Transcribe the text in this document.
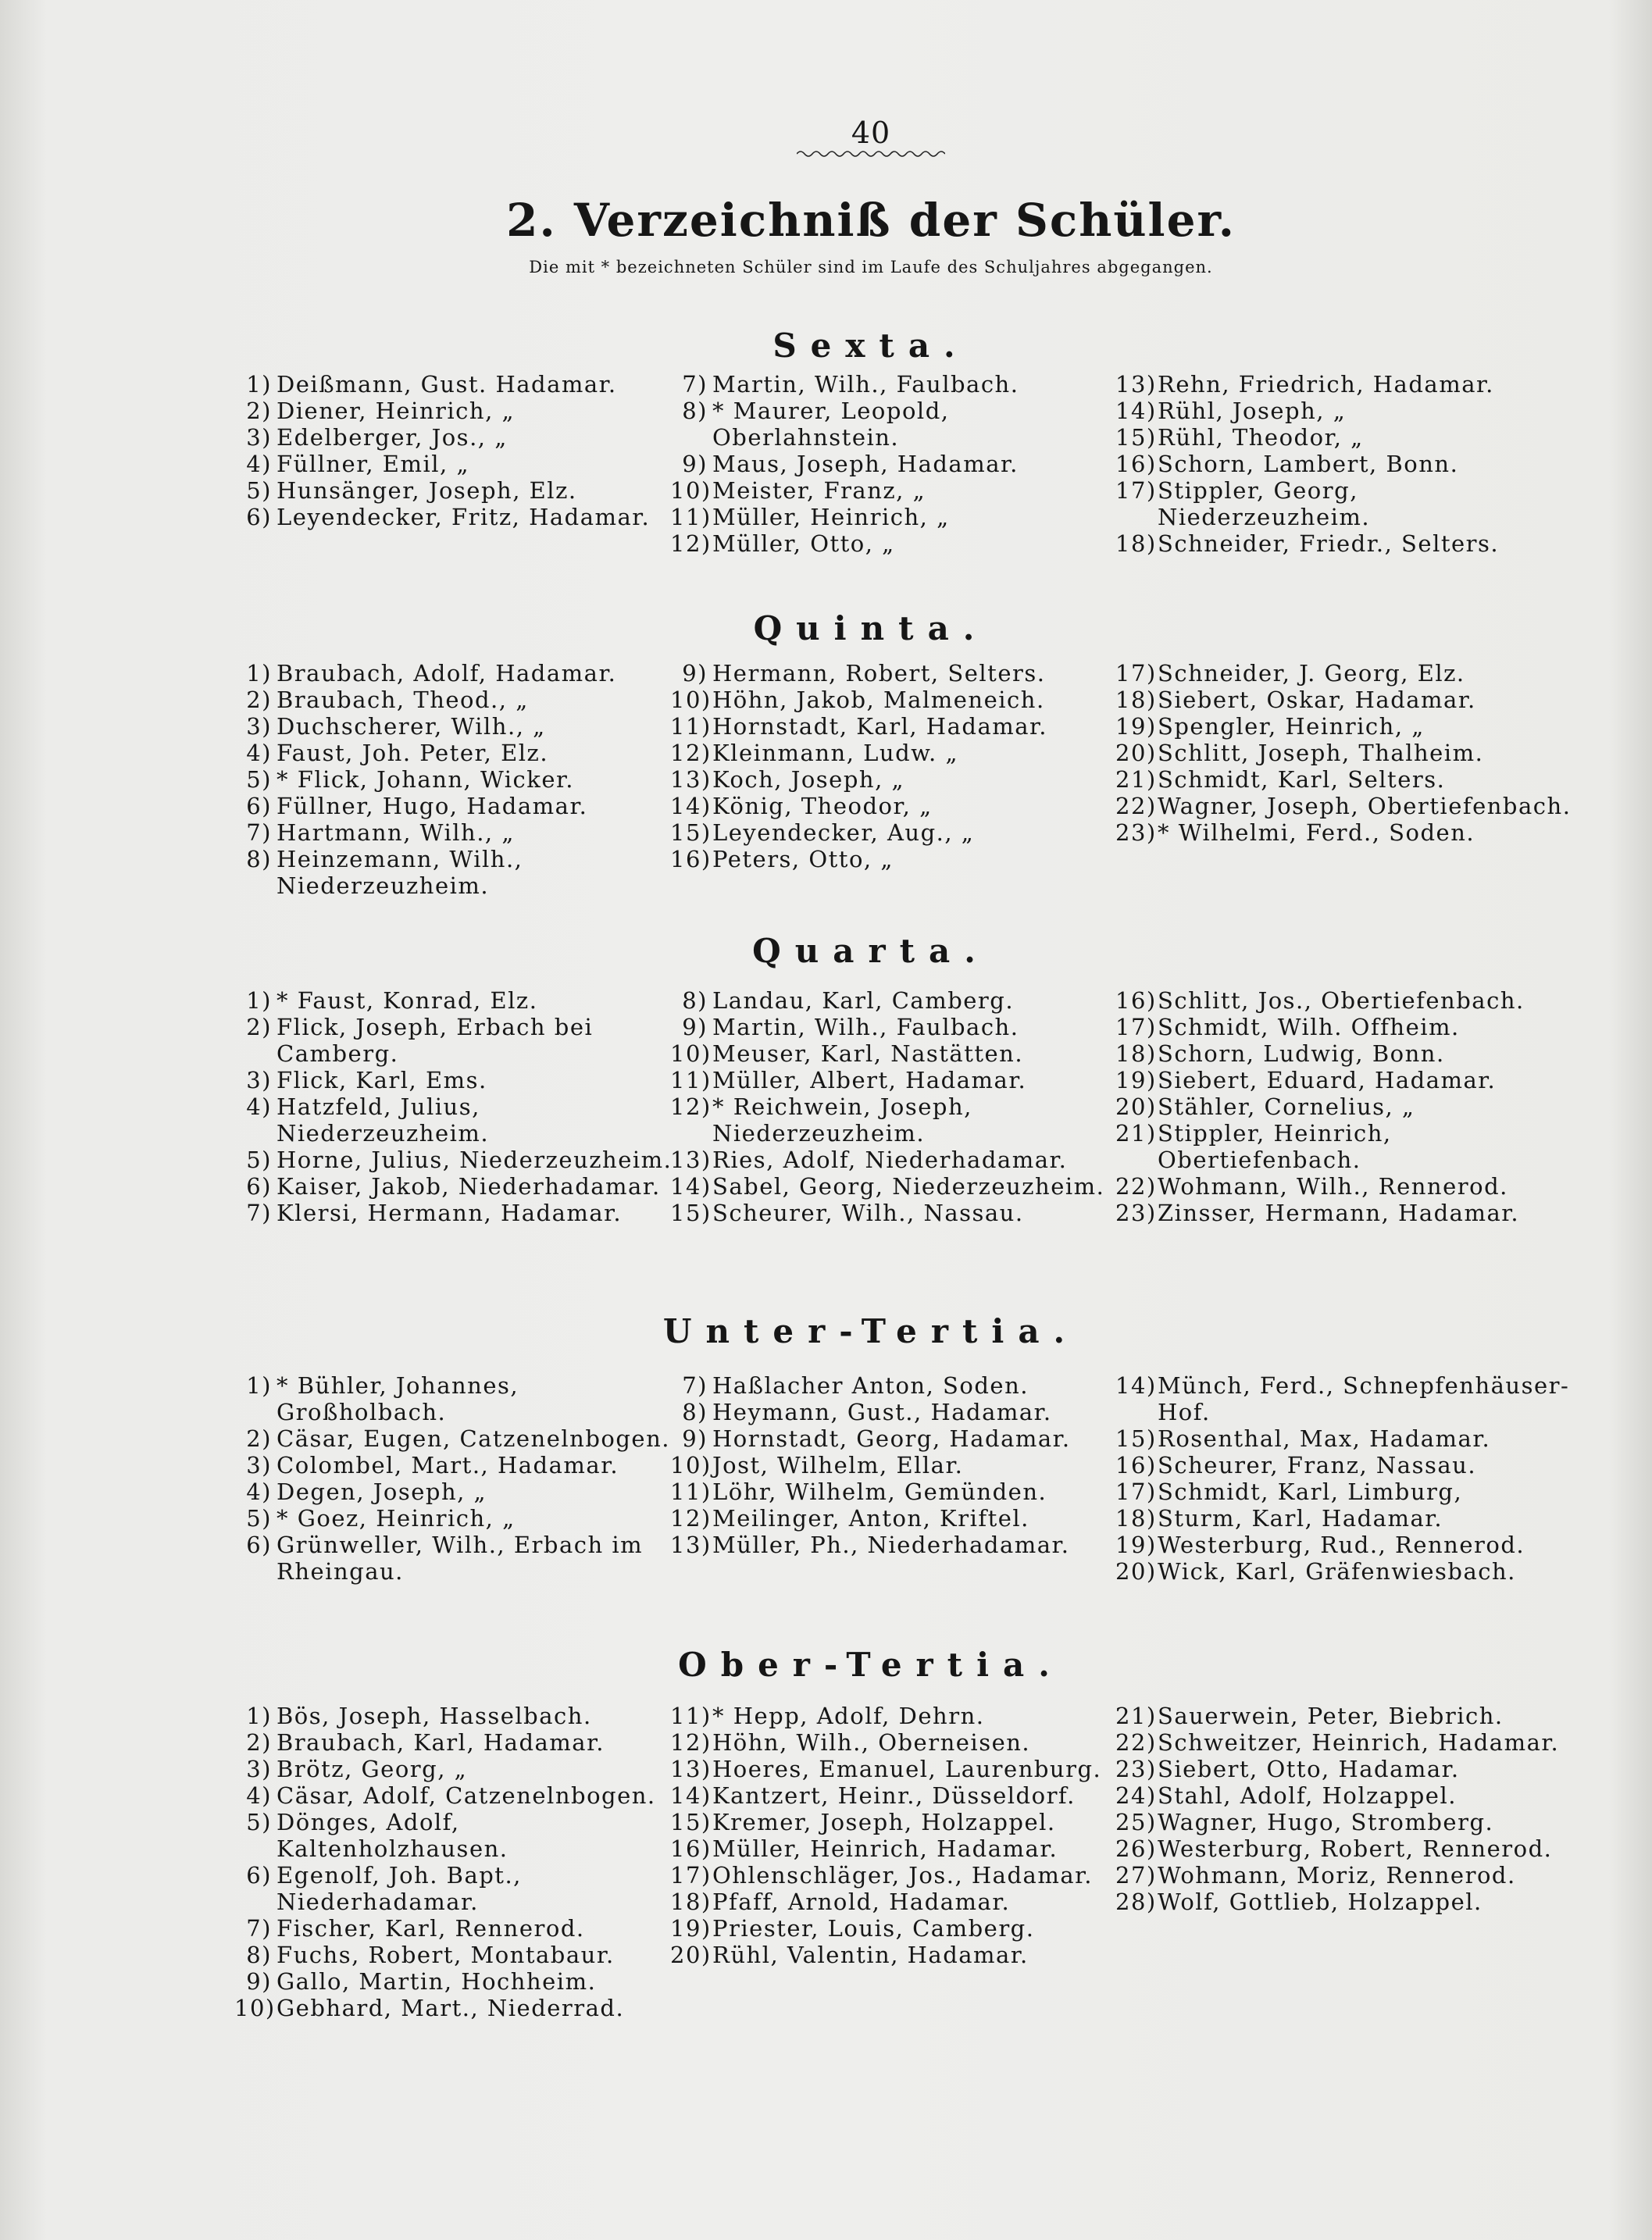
40
2. Verzeichniß der Schüler.
Die mit * bezeichneten Schüler sind im Laufe des Schuljahres abgegangen.
Sexta.
1) Deißmann, Gust. Hadamar.
2) Diener, Heinrich, „
3) Edelberger, Jos., „
4) Füllner, Emil, „
5) Hunsänger, Joseph, Elz.
6) Leyendecker, Fritz, Hadamar.
7) Martin, Wilh., Faulbach.
8) * Maurer, Leopold, Oberlahnstein.
9) Maus, Joseph, Hadamar.
10) Meister, Franz, „
11) Müller, Heinrich, „
12) Müller, Otto, „
13) Rehn, Friedrich, Hadamar.
14) Rühl, Joseph, „
15) Rühl, Theodor, „
16) Schorn, Lambert, Bonn.
17) Stippler, Georg, Niederzeuzheim.
18) Schneider, Friedr., Selters.
Quinta.
1) Braubach, Adolf, Hadamar.
2) Braubach, Theod., „
3) Duchscherer, Wilh., „
4) Faust, Joh. Peter, Elz.
5) * Flick, Johann, Wicker.
6) Füllner, Hugo, Hadamar.
7) Hartmann, Wilh., „
8) Heinzemann, Wilh., Niederzeuzheim.
9) Hermann, Robert, Selters.
10) Höhn, Jakob, Malmeneich.
11) Hornstadt, Karl, Hadamar.
12) Kleinmann, Ludw. „
13) Koch, Joseph, „
14) König, Theodor, „
15) Leyendecker, Aug., „
16) Peters, Otto, „
17) Schneider, J. Georg, Elz.
18) Siebert, Oskar, Hadamar.
19) Spengler, Heinrich, „
20) Schlitt, Joseph, Thalheim.
21) Schmidt, Karl, Selters.
22) Wagner, Joseph, Obertiefenbach.
23) * Wilhelmi, Ferd., Soden.
Quarta.
1) * Faust, Konrad, Elz.
2) Flick, Joseph, Erbach bei Camberg.
3) Flick, Karl, Ems.
4) Hatzfeld, Julius, Niederzeuzheim.
5) Horne, Julius, Niederzeuzheim.
6) Kaiser, Jakob, Niederhadamar.
7) Klersi, Hermann, Hadamar.
8) Landau, Karl, Camberg.
9) Martin, Wilh., Faulbach.
10) Meuser, Karl, Nastätten.
11) Müller, Albert, Hadamar.
12) * Reichwein, Joseph, Niederzeuzheim.
13) Ries, Adolf, Niederhadamar.
14) Sabel, Georg, Niederzeuzheim.
15) Scheurer, Wilh., Nassau.
16) Schlitt, Jos., Obertiefenbach.
17) Schmidt, Wilh. Offheim.
18) Schorn, Ludwig, Bonn.
19) Siebert, Eduard, Hadamar.
20) Stähler, Cornelius, „
21) Stippler, Heinrich, Obertiefenbach.
22) Wohmann, Wilh., Rennerod.
23) Zinsser, Hermann, Hadamar.
Unter-Tertia.
1) * Bühler, Johannes, Großholbach.
2) Cäsar, Eugen, Catzenelnbogen.
3) Colombel, Mart., Hadamar.
4) Degen, Joseph, „
5) * Goez, Heinrich, „
6) Grünweller, Wilh., Erbach im Rheingau.
7) Haßlacher Anton, Soden.
8) Heymann, Gust., Hadamar.
9) Hornstadt, Georg, Hadamar.
10) Jost, Wilhelm, Ellar.
11) Löhr, Wilhelm, Gemünden.
12) Meilinger, Anton, Kriftel.
13) Müller, Ph., Niederhadamar.
14) Münch, Ferd., Schnepfenhäuser-Hof.
15) Rosenthal, Max, Hadamar.
16) Scheurer, Franz, Nassau.
17) Schmidt, Karl, Limburg,
18) Sturm, Karl, Hadamar.
19) Westerburg, Rud., Rennerod.
20) Wick, Karl, Gräfenwiesbach.
Ober-Tertia.
1) Bös, Joseph, Hasselbach.
2) Braubach, Karl, Hadamar.
3) Brötz, Georg, „
4) Cäsar, Adolf, Catzenelnbogen.
5) Dönges, Adolf, Kaltenholzhausen.
6) Egenolf, Joh. Bapt., Niederhadamar.
7) Fischer, Karl, Rennerod.
8) Fuchs, Robert, Montabaur.
9) Gallo, Martin, Hochheim.
10) Gebhard, Mart., Niederrad.
11) * Hepp, Adolf, Dehrn.
12) Höhn, Wilh., Oberneisen.
13) Hoeres, Emanuel, Laurenburg.
14) Kantzert, Heinr., Düsseldorf.
15) Kremer, Joseph, Holzappel.
16) Müller, Heinrich, Hadamar.
17) Ohlenschläger, Jos., Hadamar.
18) Pfaff, Arnold, Hadamar.
19) Priester, Louis, Camberg.
20) Rühl, Valentin, Hadamar.
21) Sauerwein, Peter, Biebrich.
22) Schweitzer, Heinrich, Hadamar.
23) Siebert, Otto, Hadamar.
24) Stahl, Adolf, Holzappel.
25) Wagner, Hugo, Stromberg.
26) Westerburg, Robert, Rennerod.
27) Wohmann, Moriz, Rennerod.
28) Wolf, Gottlieb, Holzappel.
